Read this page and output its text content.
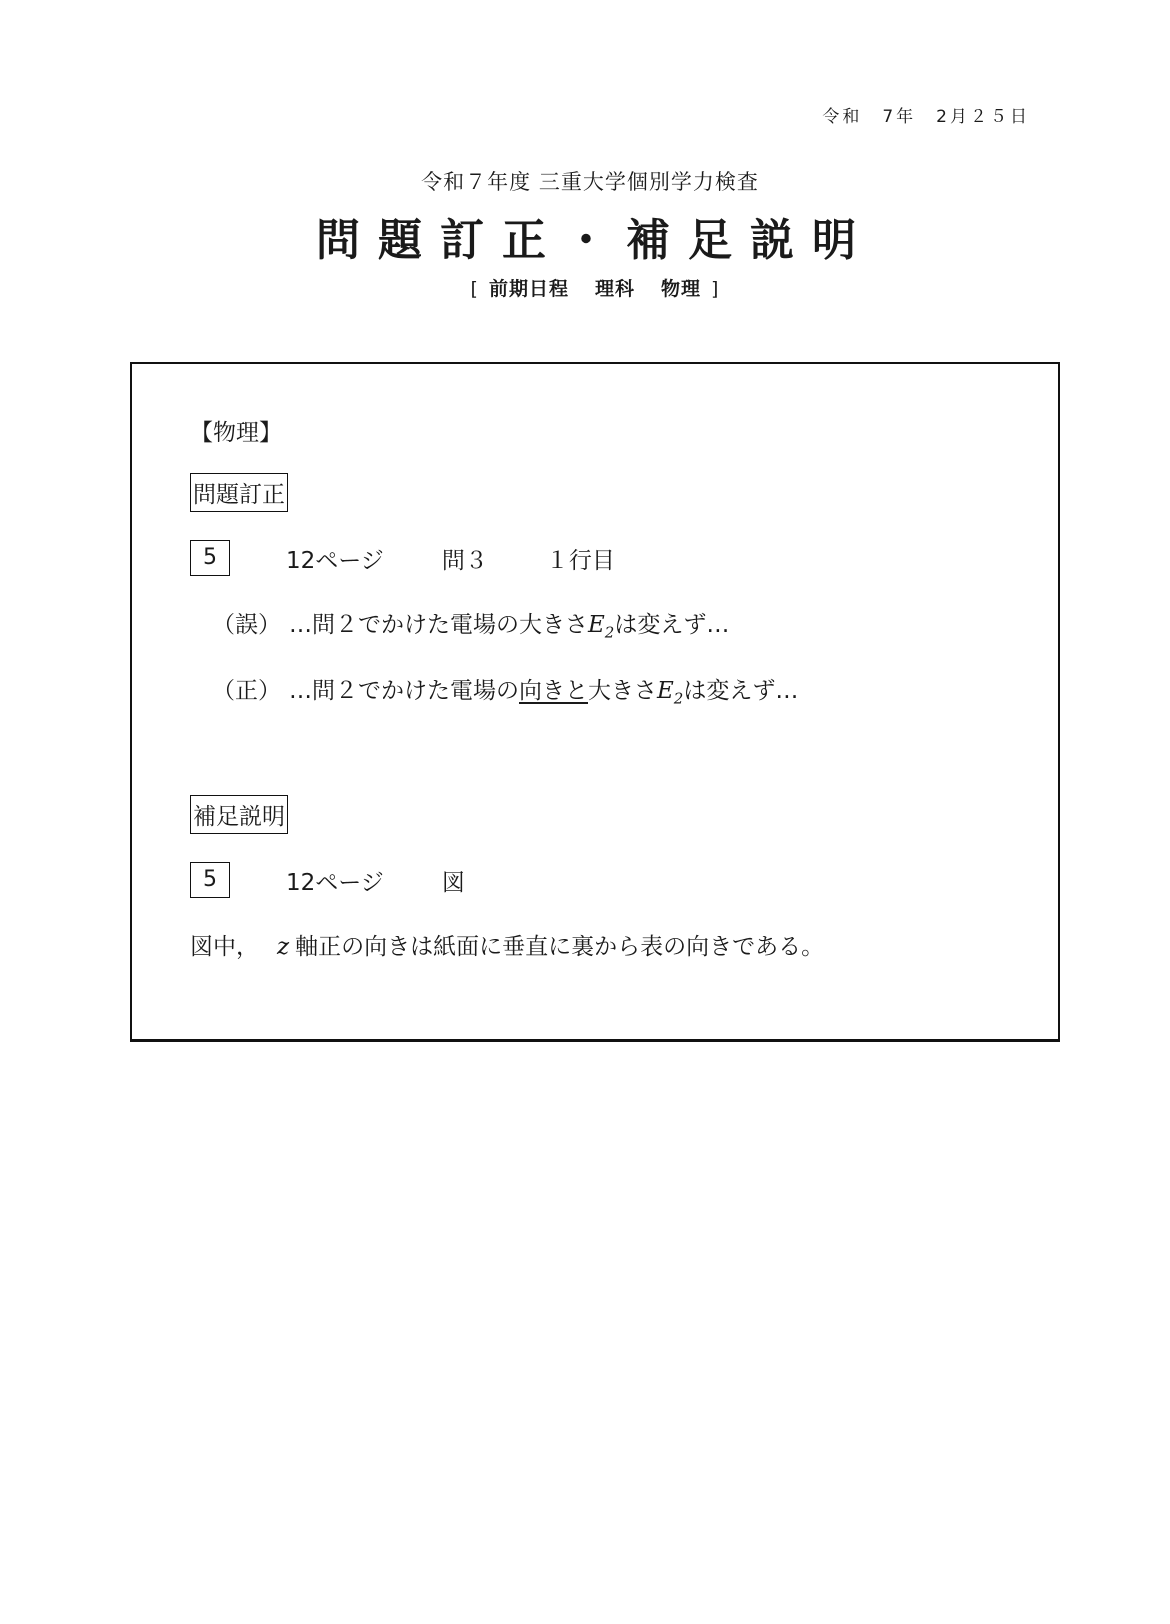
令和　7年　2月２５日
令和７年度 三重大学個別学力検査
問題訂正・補足説明
[ 前期日程 理科 物理 ]
【物理】
問題訂正
5	12ページ	問３	１行目
（誤） …問２でかけた電場の大きさ$E_2$は変えず…
（正） …問２でかけた電場の向きと大きさ$E_2$は変えず…
補足説明
5	12ページ	図
図中， z 軸正の向きは紙面に垂直に裏から表の向きである。
